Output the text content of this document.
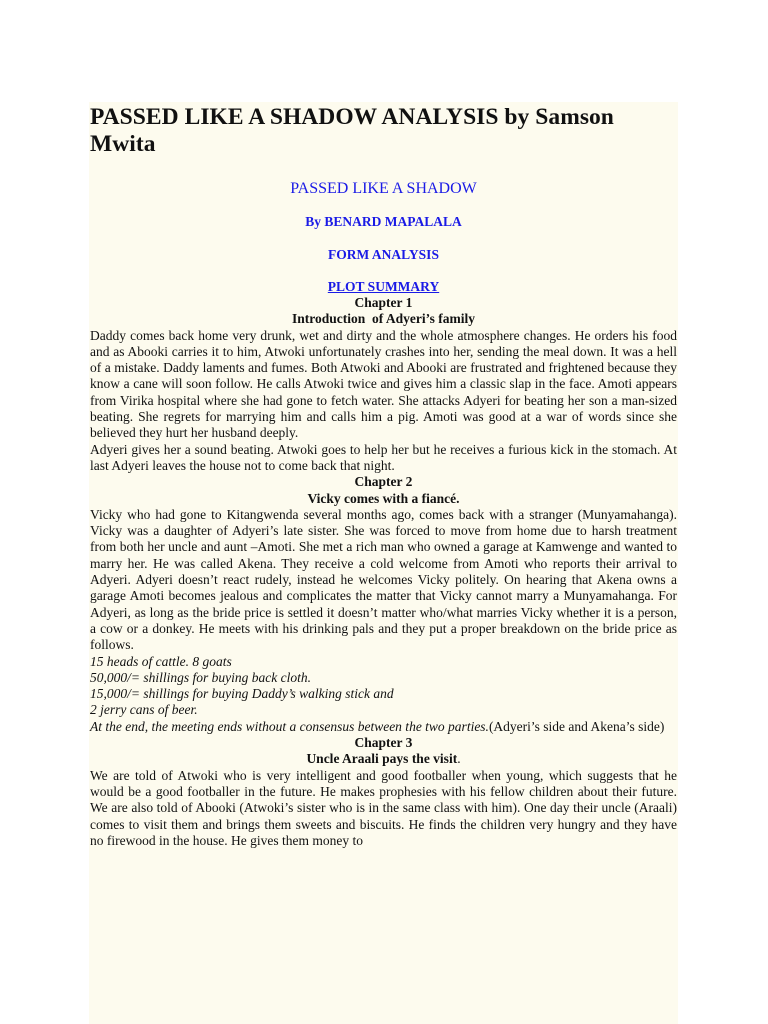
PASSED LIKE A SHADOW ANALYSIS by Samson Mwita

PASSED LIKE A SHADOW

By BENARD MAPALALA

FORM ANALYSIS

PLOT SUMMARY

Chapter 1

Introduction  of Adyeri’s family

Daddy comes back home very drunk, wet and dirty and the whole atmosphere changes. He orders his food and as Abooki carries it to him, Atwoki unfortunately crashes into her, sending the meal down. It was a hell of a mistake. Daddy laments and fumes. Both Atwoki and Abooki are frustrated and frightened because they know a cane will soon follow. He calls Atwoki twice and gives him a classic slap in the face. Amoti appears from Virika hospital where she had gone to fetch water. She attacks Adyeri for beating her son a man-sized beating. She regrets for marrying him and calls him a pig. Amoti was good at a war of words since she believed they hurt her husband deeply.

Adyeri gives her a sound beating. Atwoki goes to help her but he receives a furious kick in the stomach. At last Adyeri leaves the house not to come back that night.

Chapter 2

Vicky comes with a fiancé.

Vicky who had gone to Kitangwenda several months ago, comes back with a stranger (Munyamahanga). Vicky was a daughter of Adyeri’s late sister. She was forced to move from home due to harsh treatment from both her uncle and aunt –Amoti. She met a rich man who owned a garage at Kamwenge and wanted to marry her. He was called Akena. They receive a cold welcome from Amoti who reports their arrival to Adyeri. Adyeri doesn’t react rudely, instead he welcomes Vicky politely. On hearing that Akena owns a garage Amoti becomes jealous and complicates the matter that Vicky cannot marry a Munyamahanga. For Adyeri, as long as the bride price is settled it doesn’t matter who/what marries Vicky whether it is a person, a cow or a donkey. He meets with his drinking pals and they put a proper breakdown on the bride price as follows.

15 heads of cattle. 8 goats

50,000/= shillings for buying back cloth.

15,000/= shillings for buying Daddy’s walking stick and

2 jerry cans of beer.

At the end, the meeting ends without a consensus between the two parties.(Adyeri’s side and Akena’s side)

Chapter 3

Uncle Araali pays the visit.

We are told of Atwoki who is very intelligent and good footballer when young, which suggests that he would be a good footballer in the future. He makes prophesies with his fellow children about their future. We are also told of Abooki (Atwoki’s sister who is in the same class with him). One day their uncle (Araali) comes to visit them and brings them sweets and biscuits. He finds the children very hungry and they have no firewood in the house. He gives them money to
